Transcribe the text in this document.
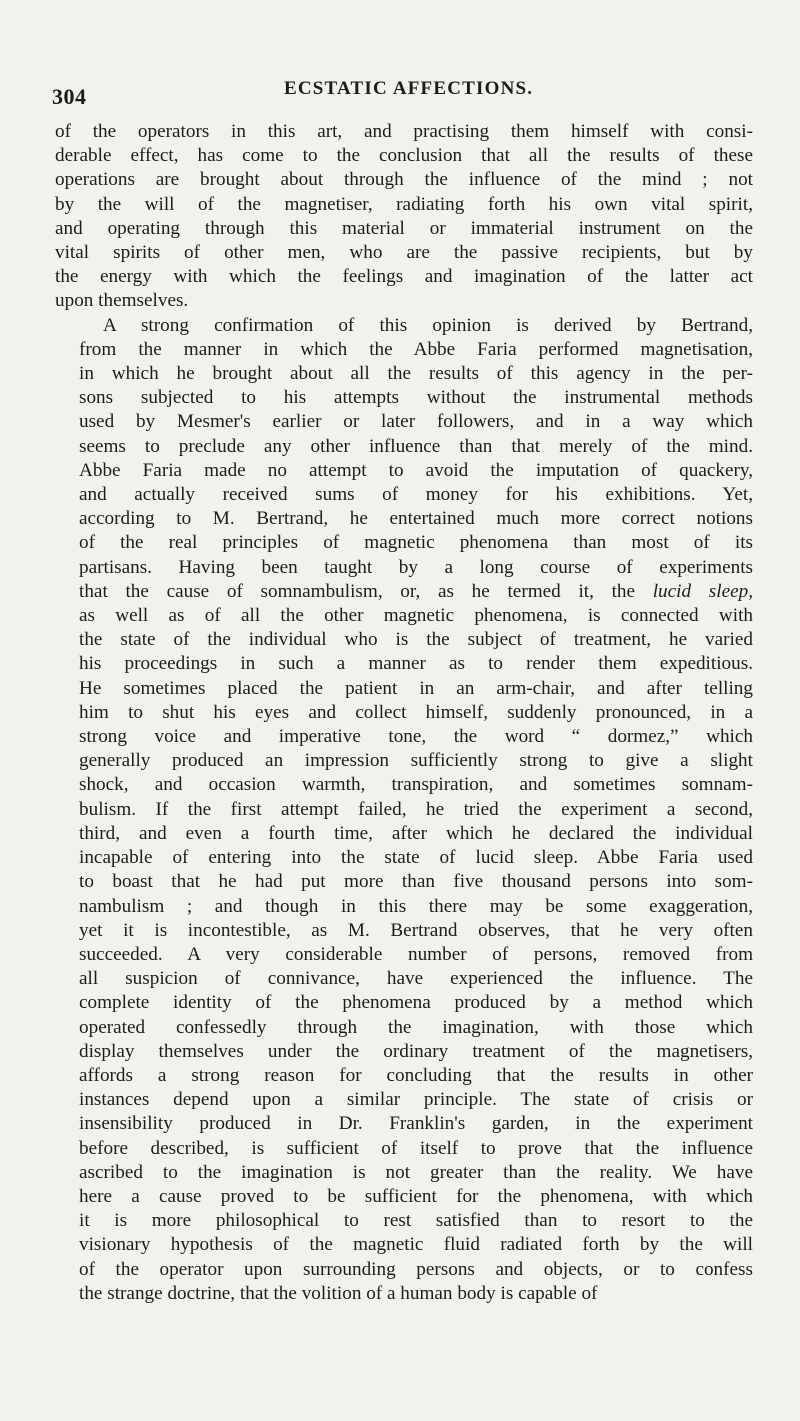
304	ECSTATIC AFFECTIONS.

of the operators in this art, and practising them himself with consi-
derable effect, has come to the conclusion that all the results of these
operations are brought about through the influence of the mind ; not
by the will of the magnetiser, radiating forth his own vital spirit,
and operating through this material or immaterial instrument on the
vital spirits of other men, who are the passive recipients, but by
the energy with which the feelings and imagination of the latter act
upon themselves.

A strong confirmation of this opinion is derived by Bertrand,
from the manner in which the Abbe Faria performed magnetisation,
in which he brought about all the results of this agency in the per-
sons subjected to his attempts without the instrumental methods
used by Mesmer's earlier or later followers, and in a way which
seems to preclude any other influence than that merely of the mind.
Abbe Faria made no attempt to avoid the imputation of quackery,
and actually received sums of money for his exhibitions. Yet,
according to M. Bertrand, he entertained much more correct notions
of the real principles of magnetic phenomena than most of its
partisans. Having been taught by a long course of experiments
that the cause of somnambulism, or, as he termed it, the lucid sleep,
as well as of all the other magnetic phenomena, is connected with
the state of the individual who is the subject of treatment, he varied
his proceedings in such a manner as to render them expeditious.
He sometimes placed the patient in an arm-chair, and after telling
him to shut his eyes and collect himself, suddenly pronounced, in a
strong voice and imperative tone, the word “ dormez,” which
generally produced an impression sufficiently strong to give a slight
shock, and occasion warmth, transpiration, and sometimes somnam-
bulism. If the first attempt failed, he tried the experiment a second,
third, and even a fourth time, after which he declared the individual
incapable of entering into the state of lucid sleep. Abbe Faria used
to boast that he had put more than five thousand persons into som-
nambulism ; and though in this there may be some exaggeration,
yet it is incontestible, as M. Bertrand observes, that he very often
succeeded. A very considerable number of persons, removed from
all suspicion of connivance, have experienced the influence. The
complete identity of the phenomena produced by a method which
operated confessedly through the imagination, with those which
display themselves under the ordinary treatment of the magnetisers,
affords a strong reason for concluding that the results in other
instances depend upon a similar principle. The state of crisis or
insensibility produced in Dr. Franklin's garden, in the experiment
before described, is sufficient of itself to prove that the influence
ascribed to the imagination is not greater than the reality. We have
here a cause proved to be sufficient for the phenomena, with which
it is more philosophical to rest satisfied than to resort to the
visionary hypothesis of the magnetic fluid radiated forth by the will
of the operator upon surrounding persons and objects, or to confess
the strange doctrine, that the volition of a human body is capable of
